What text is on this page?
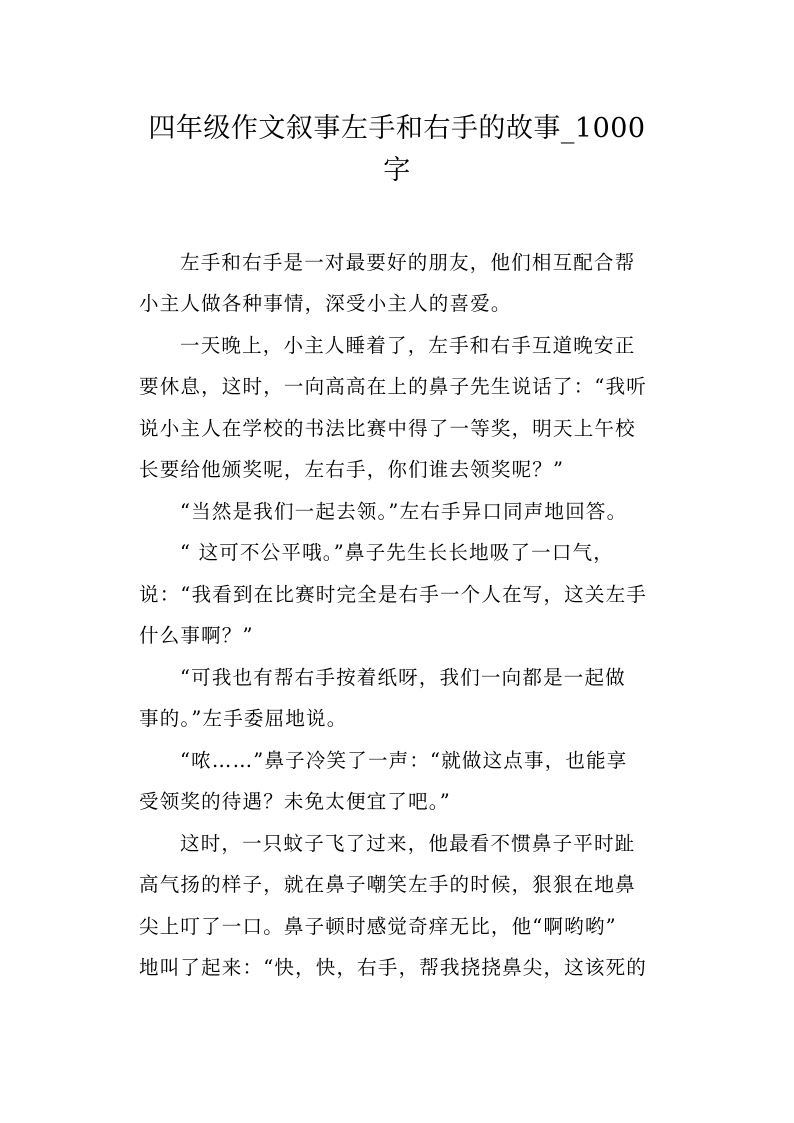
四年级作文叙事左手和右手的故事_1000
字
左手和右手是一对最要好的朋友，他们相互配合帮
小主人做各种事情，深受小主人的喜爱。
一天晚上，小主人睡着了，左手和右手互道晚安正
要休息，这时，一向高高在上的鼻子先生说话了：“我听
说小主人在学校的书法比赛中得了一等奖，明天上午校
长要给他颁奖呢，左右手，你们谁去领奖呢？”
“当然是我们一起去领。”左右手异口同声地回答。
“ 这可不公平哦。”鼻子先生长长地吸了一口气，
说：“我看到在比赛时完全是右手一个人在写，这关左手
什么事啊？”
“可我也有帮右手按着纸呀，我们一向都是一起做
事的。”左手委屈地说。
“哝……”鼻子冷笑了一声：“就做这点事，也能享
受领奖的待遇？未免太便宜了吧。”
这时，一只蚊子飞了过来，他最看不惯鼻子平时趾
高气扬的样子，就在鼻子嘲笑左手的时候，狠狠在地鼻
尖上叮了一口。鼻子顿时感觉奇痒无比，他“啊哟哟”
地叫了起来：“快，快，右手，帮我挠挠鼻尖，这该死的
